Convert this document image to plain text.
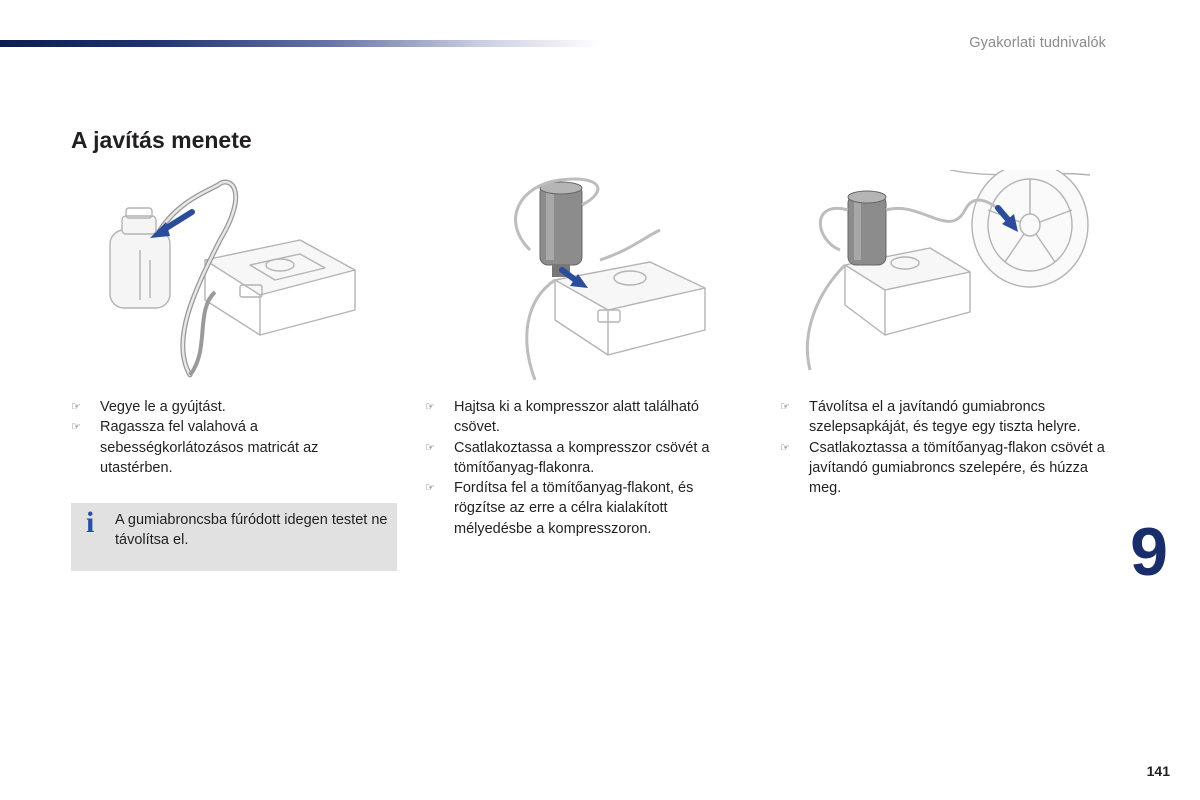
Gyakorlati tudnivalók
A javítás menete
☞ Vegye le a gyújtást.
☞ Ragassza fel valahová a sebességkorlátozásos matricát az utastérben.
☞ Hajtsa ki a kompresszor alatt található csövet.
☞ Csatlakoztassa a kompresszor csövét a tömítőanyag-flakonra.
☞ Fordítsa fel a tömítőanyag-flakont, és rögzítse az erre a célra kialakított mélyedésbe a kompresszoron.
☞ Távolítsa el a javítandó gumiabroncs szelepsapkáját, és tegye egy tiszta helyre.
☞ Csatlakoztassa a tömítőanyag-flakon csövét a javítandó gumiabroncs szelepére, és húzza meg.
i A gumiabroncsba fúródott idegen testet ne távolítsa el.	9
141
